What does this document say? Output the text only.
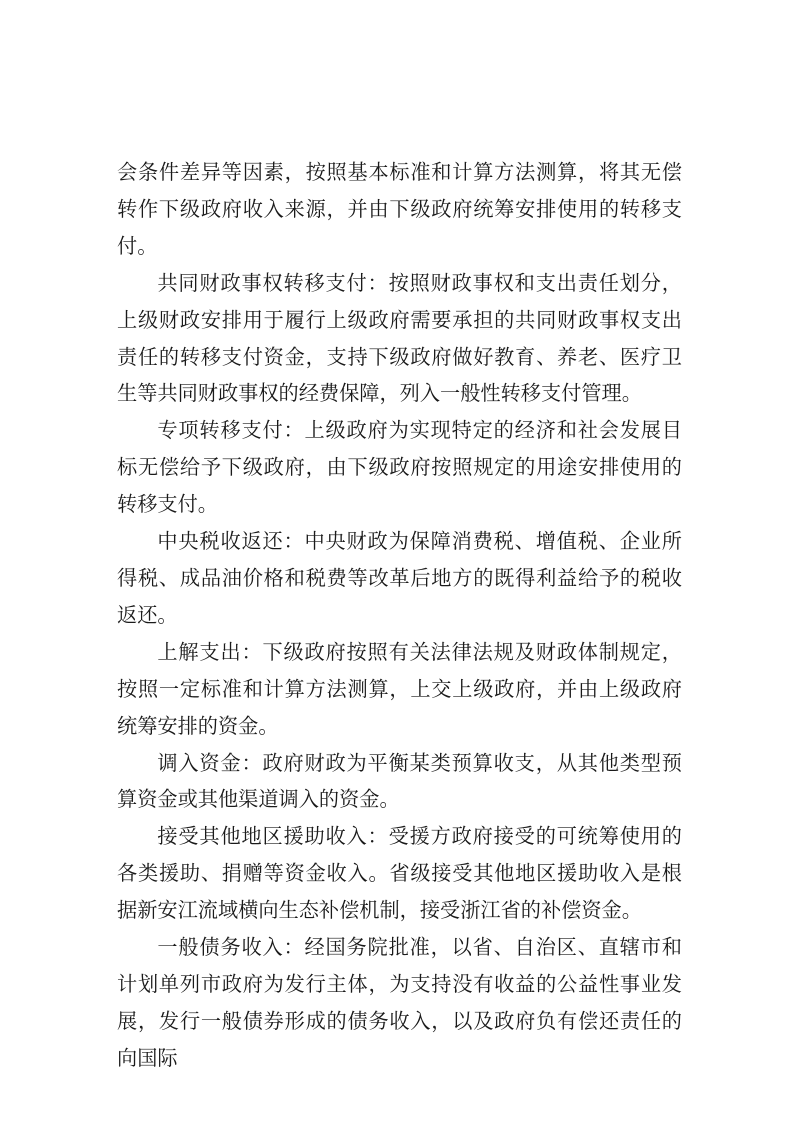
会条件差异等因素，按照基本标准和计算方法测算，将其无偿转作下级政府收入来源，并由下级政府统筹安排使用的转移支付。

共同财政事权转移支付：按照财政事权和支出责任划分，上级财政安排用于履行上级政府需要承担的共同财政事权支出责任的转移支付资金，支持下级政府做好教育、养老、医疗卫生等共同财政事权的经费保障，列入一般性转移支付管理。

专项转移支付：上级政府为实现特定的经济和社会发展目标无偿给予下级政府，由下级政府按照规定的用途安排使用的转移支付。

中央税收返还：中央财政为保障消费税、增值税、企业所得税、成品油价格和税费等改革后地方的既得利益给予的税收返还。

上解支出：下级政府按照有关法律法规及财政体制规定，按照一定标准和计算方法测算，上交上级政府，并由上级政府统筹安排的资金。

调入资金：政府财政为平衡某类预算收支，从其他类型预算资金或其他渠道调入的资金。

接受其他地区援助收入：受援方政府接受的可统筹使用的各类援助、捐赠等资金收入。省级接受其他地区援助收入是根据新安江流域横向生态补偿机制，接受浙江省的补偿资金。

一般债务收入：经国务院批准，以省、自治区、直辖市和计划单列市政府为发行主体，为支持没有收益的公益性事业发展，发行一般债券形成的债务收入，以及政府负有偿还责任的向国际
